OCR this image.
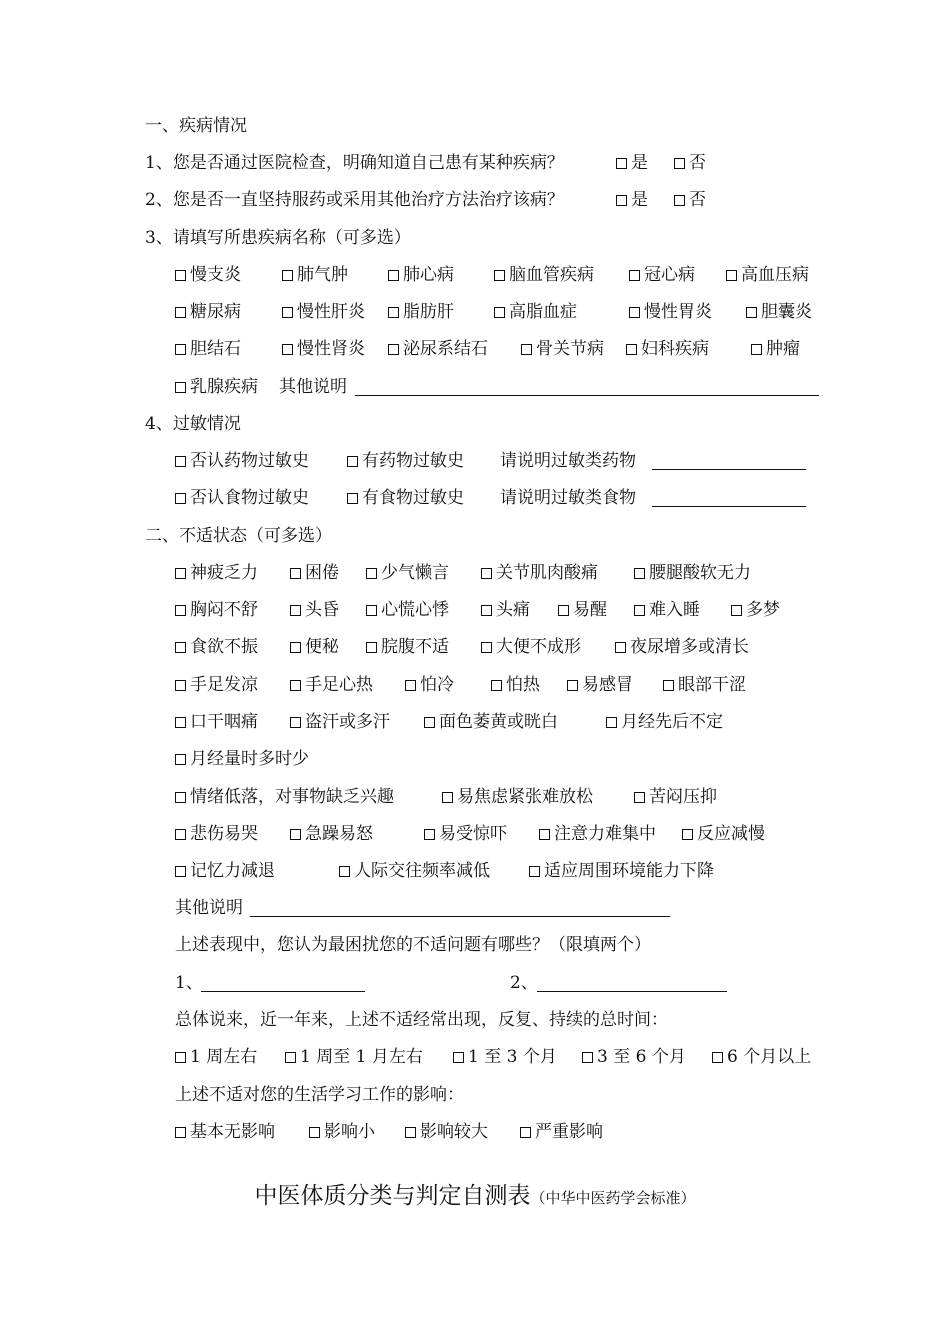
一、疾病情况
1、您是否通过医院检查，明确知道自己患有某种疾病？	是	否
2、您是否一直坚持服药或采用其他治疗方法治疗该病？	是	否
3、请填写所患疾病名称（可多选）
慢支炎	肺气肿	肺心病	脑血管疾病	冠心病	高血压病
糖尿病	慢性肝炎	脂肪肝	高脂血症	慢性胃炎	胆囊炎
胆结石	慢性肾炎	泌尿系结石	骨关节病	妇科疾病	肿瘤
乳腺疾病 其他说明
4、过敏情况
否认药物过敏史	有药物过敏史 请说明过敏类药物
否认食物过敏史	有食物过敏史 请说明过敏类食物
二、不适状态（可多选）
神疲乏力	困倦	少气懒言	关节肌肉酸痛	腰腿酸软无力
胸闷不舒	头昏	心慌心悸	头痛	易醒	难入睡	多梦
食欲不振	便秘	脘腹不适	大便不成形	夜尿增多或清长
手足发凉	手足心热	怕冷	怕热	易感冒	眼部干涩
口干咽痛	盗汗或多汗	面色萎黄或晄白	月经先后不定
月经量时多时少
情绪低落，对事物缺乏兴趣	易焦虑紧张难放松	苦闷压抑
悲伤易哭	急躁易怒	易受惊吓	注意力难集中	反应减慢
记忆力减退	人际交往频率减低	适应周围环境能力下降
其他说明
上述表现中，您认为最困扰您的不适问题有哪些？（限填两个）
1、	2、
总体说来，近一年来，上述不适经常出现，反复、持续的总时间：
1 周左右	1 周至 1 月左右	1 至 3 个月	3 至 6 个月	6 个月以上
上述不适对您的生活学习工作的影响：
基本无影响	影响小	影响较大	严重影响
中医体质分类与判定自测表（中华中医药学会标准）
